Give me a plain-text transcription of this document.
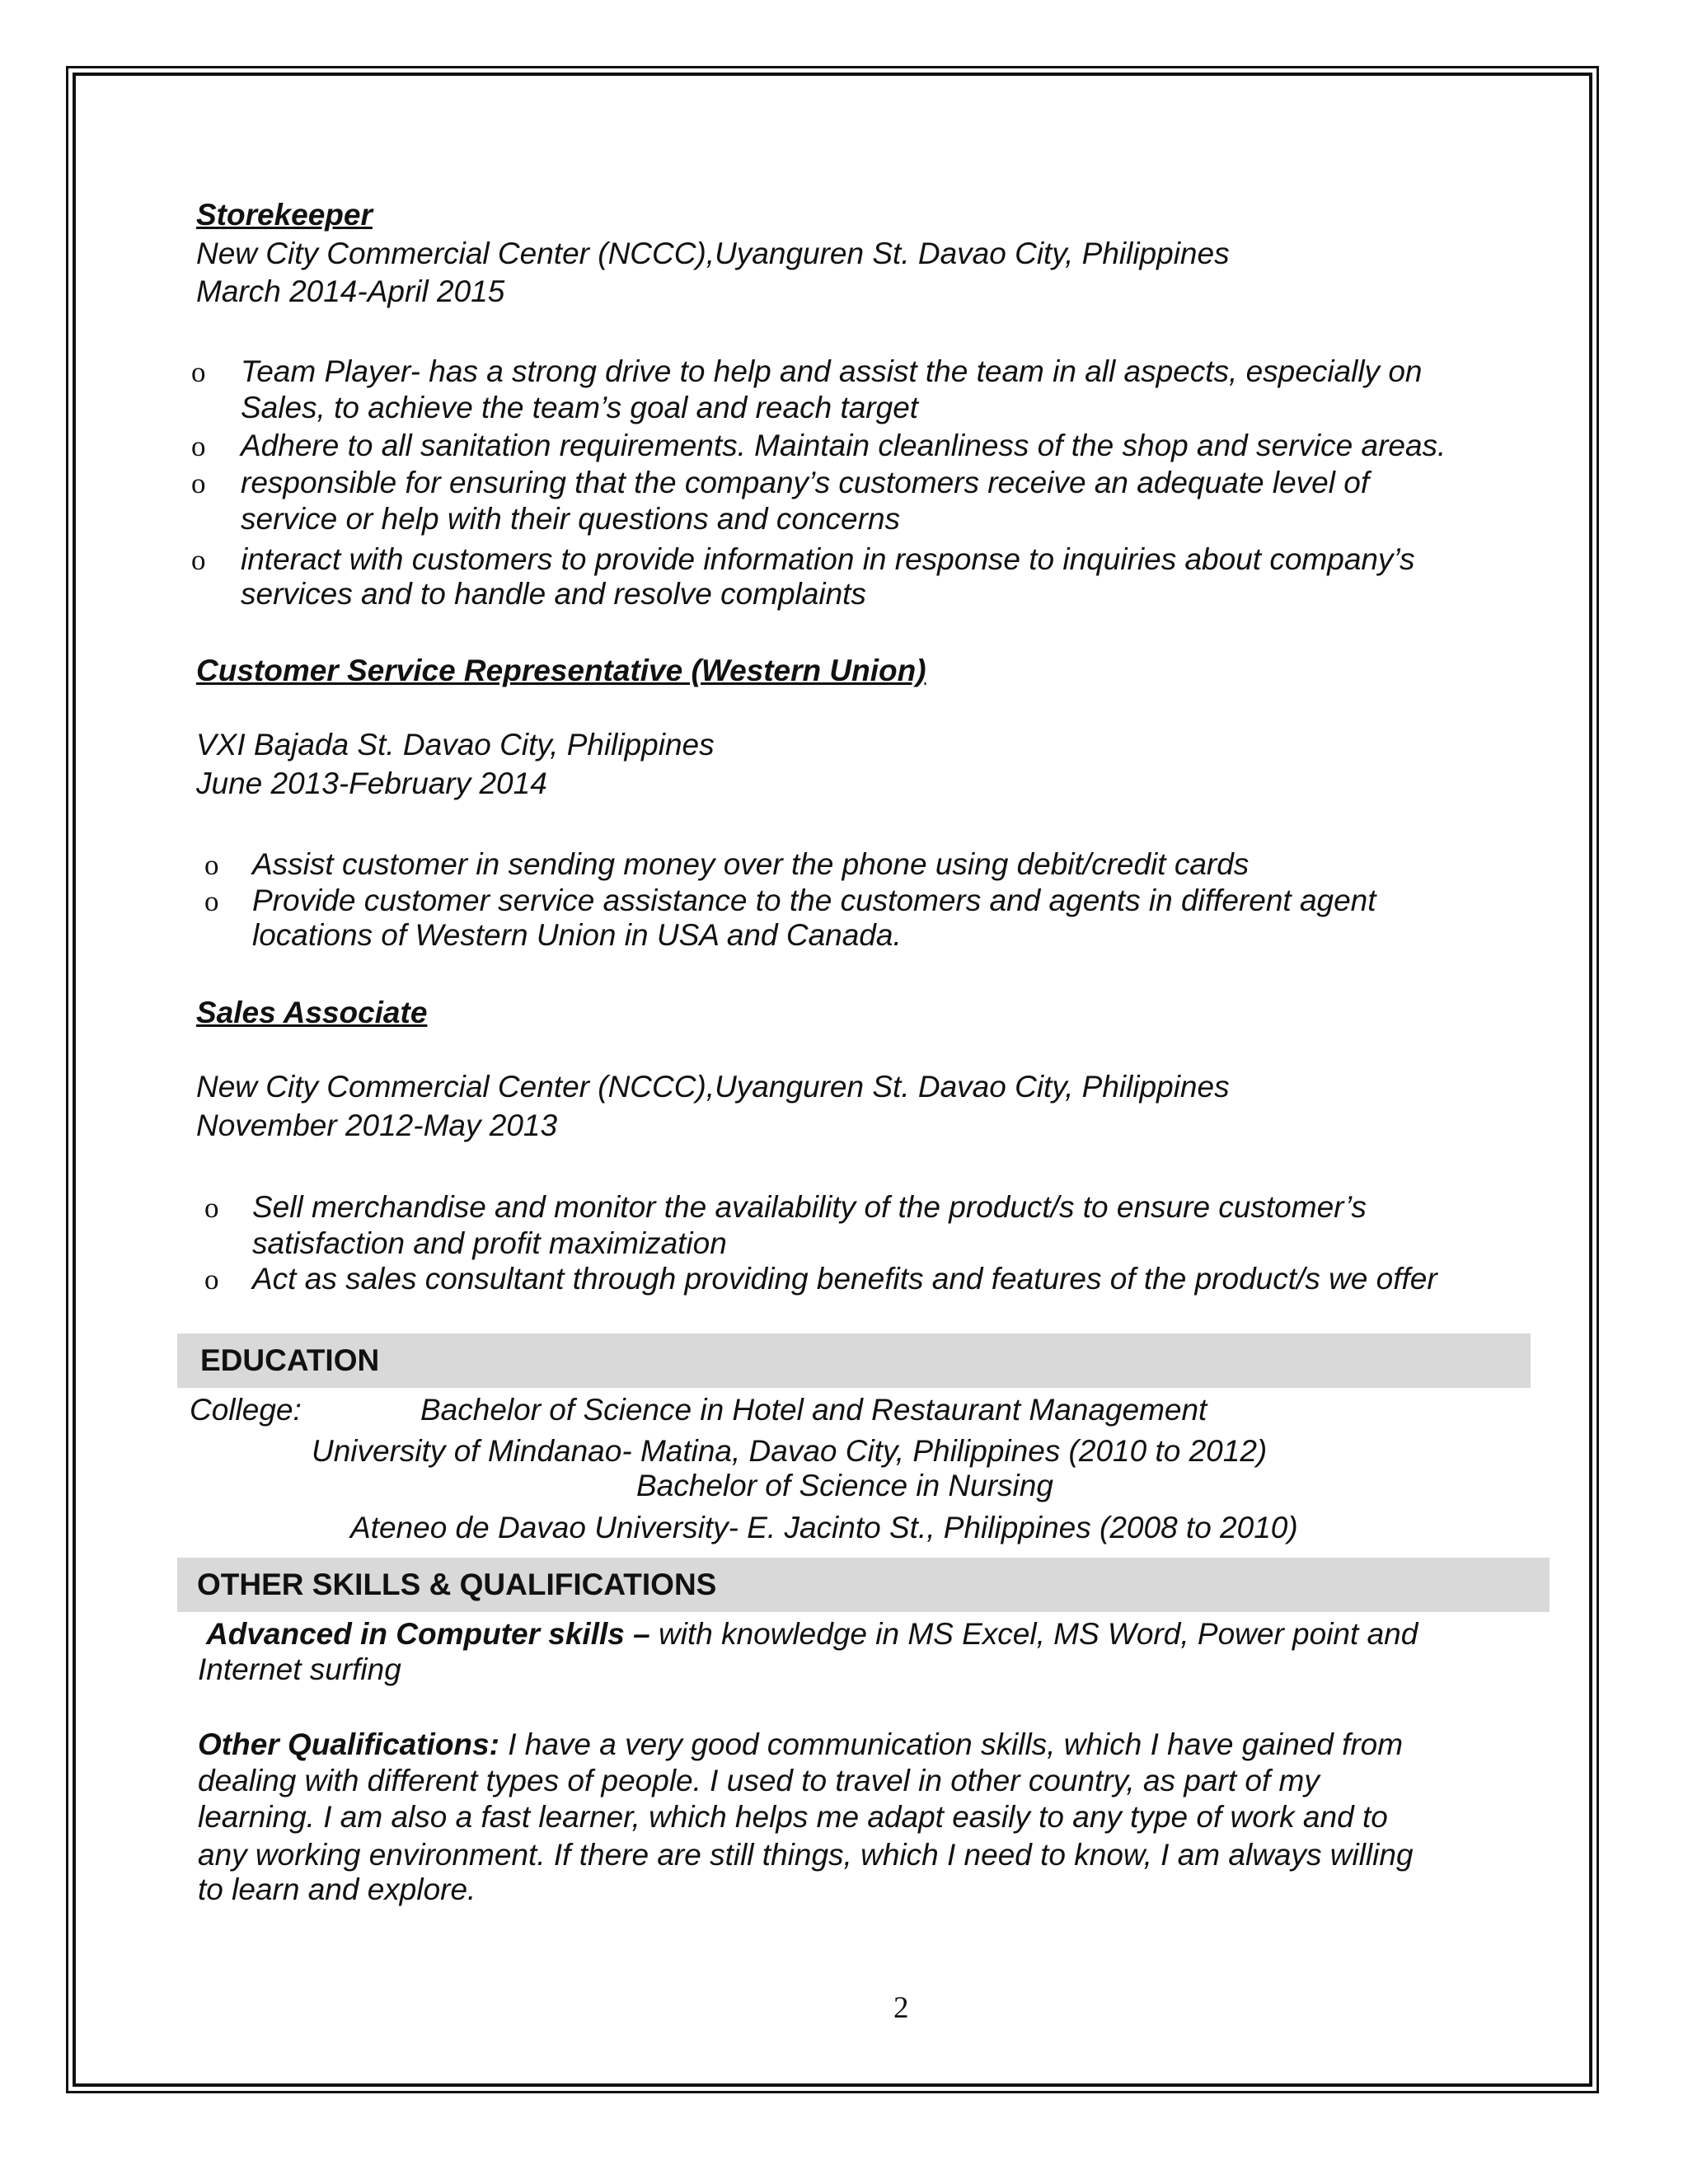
Storekeeper
New City Commercial Center (NCCC),Uyanguren St. Davao City, Philippines
March 2014-April 2015
o Team Player- has a strong drive to help and assist the team in all aspects, especially on
Sales, to achieve the team’s goal and reach target
o Adhere to all sanitation requirements. Maintain cleanliness of the shop and service areas.
o responsible for ensuring that the company’s customers receive an adequate level of
service or help with their questions and concerns
o interact with customers to provide information in response to inquiries about company’s
services and to handle and resolve complaints
Customer Service Representative (Western Union)
VXI Bajada St. Davao City, Philippines
June 2013-February 2014
o Assist customer in sending money over the phone using debit/credit cards
o Provide customer service assistance to the customers and agents in different agent
locations of Western Union in USA and Canada.
Sales Associate
New City Commercial Center (NCCC),Uyanguren St. Davao City, Philippines
November 2012-May 2013
o Sell merchandise and monitor the availability of the product/s to ensure customer’s
satisfaction and profit maximization
o Act as sales consultant through providing benefits and features of the product/s we offer
EDUCATION
College:	Bachelor of Science in Hotel and Restaurant Management
University of Mindanao- Matina, Davao City, Philippines (2010 to 2012)
Bachelor of Science in Nursing
Ateneo de Davao University- E. Jacinto St., Philippines (2008 to 2010)
OTHER SKILLS & QUALIFICATIONS
Advanced in Computer skills – with knowledge in MS Excel, MS Word, Power point and
Internet surfing
Other Qualifications: I have a very good communication skills, which I have gained from
dealing with different types of people. I used to travel in other country, as part of my
learning. I am also a fast learner, which helps me adapt easily to any type of work and to
any working environment. If there are still things, which I need to know, I am always willing
to learn and explore.
2
